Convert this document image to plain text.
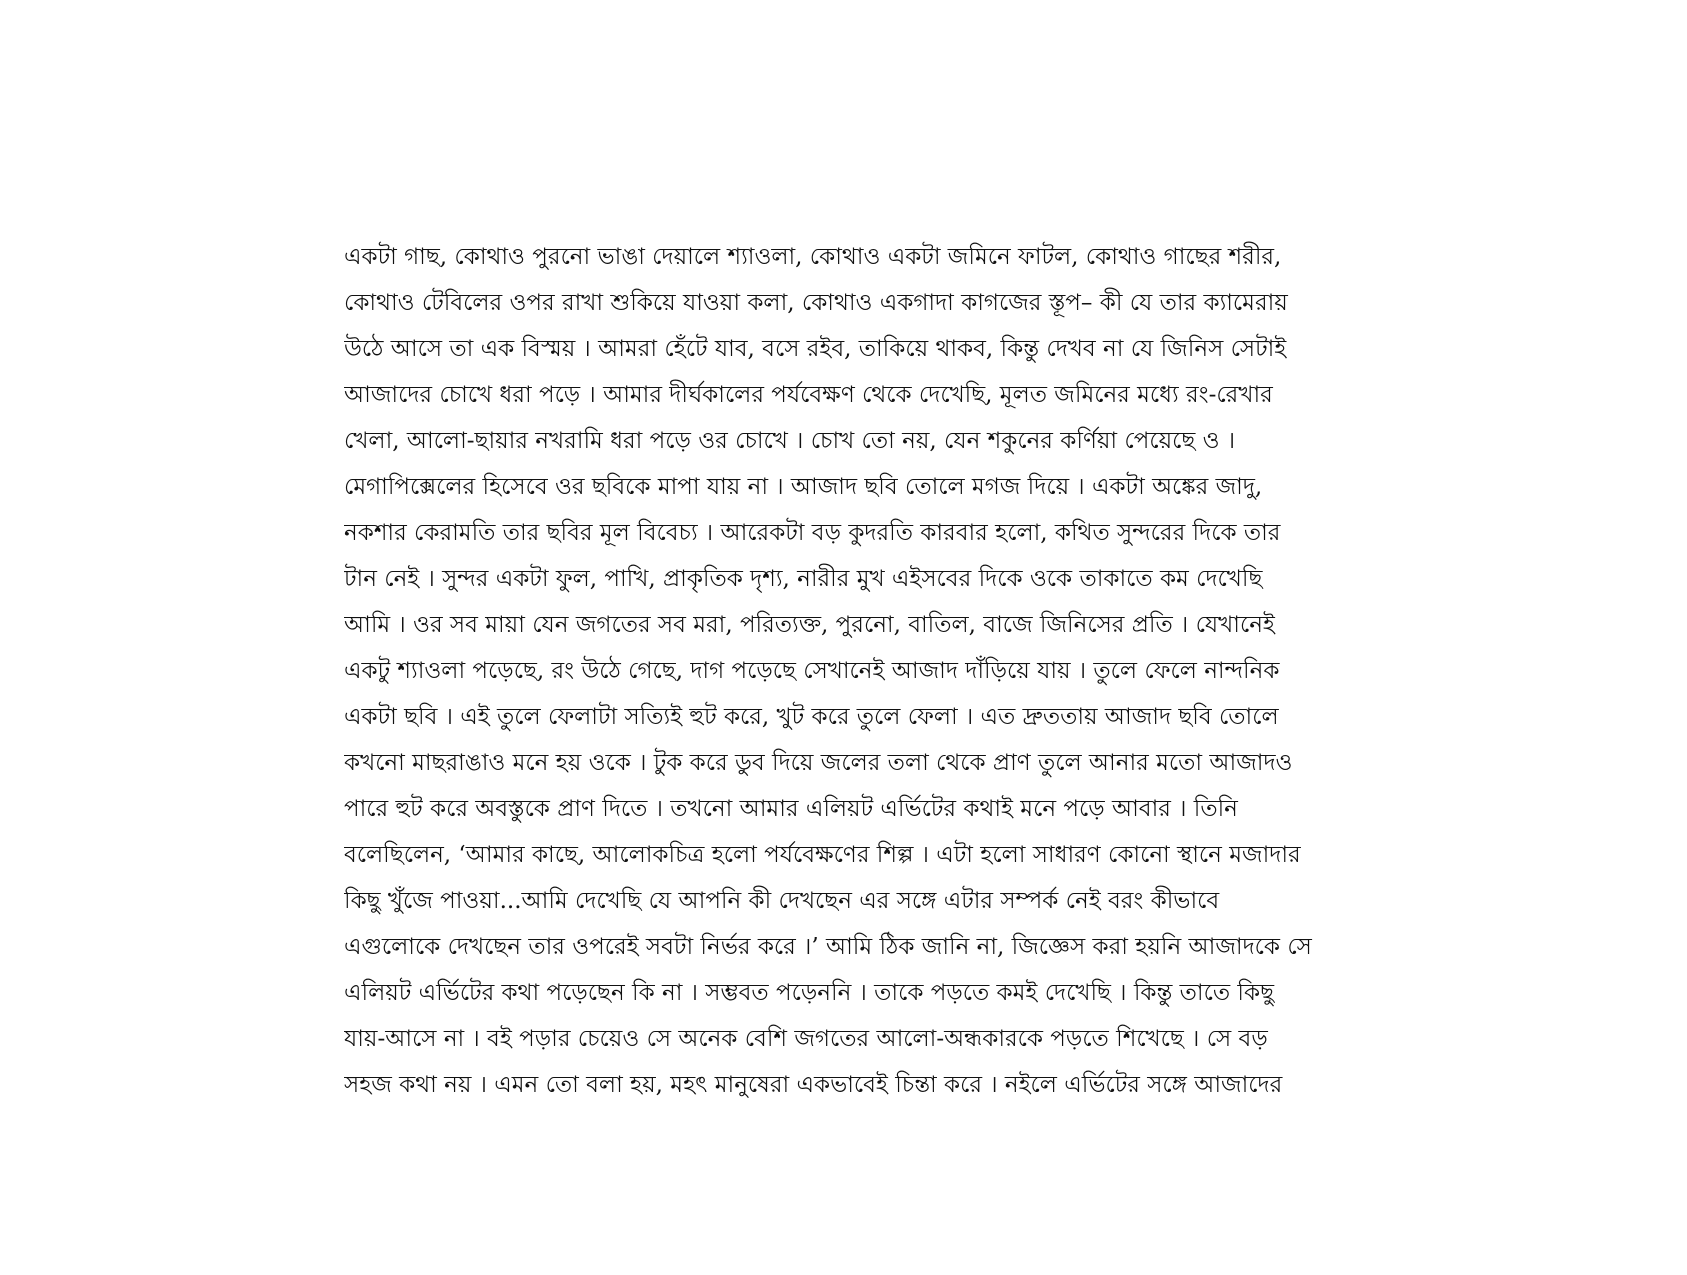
একটা গাছ, কোথাও পুরনো ভাঙা দেয়ালে শ্যাওলা, কোথাও একটা জমিনে ফাটল, কোথাও গাছের শরীর,
কোথাও টেবিলের ওপর রাখা শুকিয়ে যাওয়া কলা, কোথাও একগাদা কাগজের স্তূপ– কী যে তার ক্যামেরায়
উঠে আসে তা এক বিস্ময় । আমরা হেঁটে যাব, বসে রইব, তাকিয়ে থাকব, কিন্তু দেখব না যে জিনিস সেটাই
আজাদের চোখে ধরা পড়ে । আমার দীর্ঘকালের পর্যবেক্ষণ থেকে দেখেছি, মূলত জমিনের মধ্যে রং-রেখার
খেলা, আলো-ছায়ার নখরামি ধরা পড়ে ওর চোখে । চোখ তো নয়, যেন শকুনের কর্ণিয়া পেয়েছে ও ।
মেগাপিক্সেলের হিসেবে ওর ছবিকে মাপা যায় না । আজাদ ছবি তোলে মগজ দিয়ে । একটা অঙ্কের জাদু,
নকশার কেরামতি তার ছবির মূল বিবেচ্য । আরেকটা বড় কুদরতি কারবার হলো, কথিত সুন্দরের দিকে তার
টান নেই । সুন্দর একটা ফুল, পাখি, প্রাকৃতিক দৃশ্য, নারীর মুখ এইসবের দিকে ওকে তাকাতে কম দেখেছি
আমি । ওর সব মায়া যেন জগতের সব মরা, পরিত্যক্ত, পুরনো, বাতিল, বাজে জিনিসের প্রতি । যেখানেই
একটু শ্যাওলা পড়েছে, রং উঠে গেছে, দাগ পড়েছে সেখানেই আজাদ দাঁড়িয়ে যায় । তুলে ফেলে নান্দনিক
একটা ছবি । এই তুলে ফেলাটা সত্যিই হুট করে, খুট করে তুলে ফেলা । এত দ্রুততায় আজাদ ছবি তোলে
কখনো মাছরাঙাও মনে হয় ওকে । টুক করে ডুব দিয়ে জলের তলা থেকে প্রাণ তুলে আনার মতো আজাদও
পারে হুট করে অবস্তুকে প্রাণ দিতে । তখনো আমার এলিয়ট এর্ভিটের কথাই মনে পড়ে আবার । তিনি
বলেছিলেন, ‘আমার কাছে, আলোকচিত্র হলো পর্যবেক্ষণের শিল্প । এটা হলো সাধারণ কোনো স্থানে মজাদার
কিছু খুঁজে পাওয়া...আমি দেখেছি যে আপনি কী দেখছেন এর সঙ্গে এটার সম্পর্ক নেই বরং কীভাবে
এগুলোকে দেখছেন তার ওপরেই সবটা নির্ভর করে ।’ আমি ঠিক জানি না, জিজ্ঞেস করা হয়নি আজাদকে সে
এলিয়ট এর্ভিটের কথা পড়েছেন কি না । সম্ভবত পড়েননি । তাকে পড়তে কমই দেখেছি । কিন্তু তাতে কিছু
যায়-আসে না । বই পড়ার চেয়েও সে অনেক বেশি জগতের আলো-অন্ধকারকে পড়তে শিখেছে । সে বড়
সহজ কথা নয় । এমন তো বলা হয়, মহৎ মানুষেরা একভাবেই চিন্তা করে । নইলে এর্ভিটের সঙ্গে আজাদের
